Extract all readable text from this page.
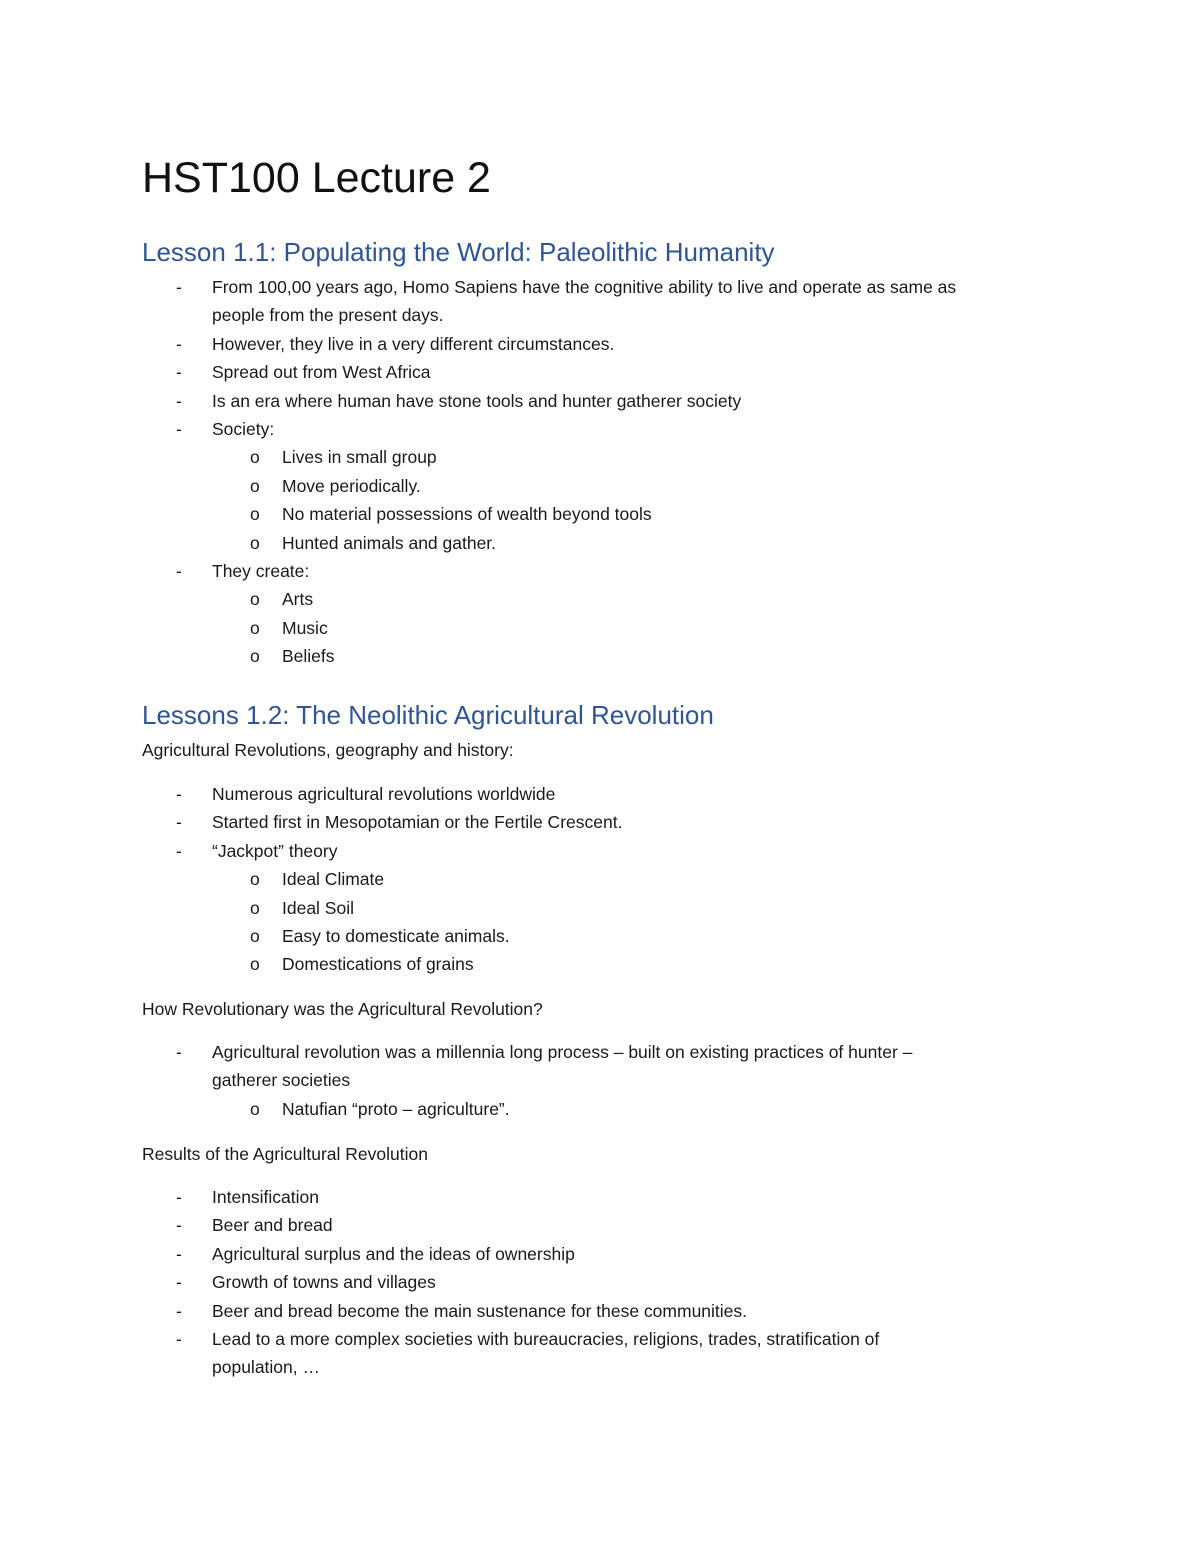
HST100 Lecture 2
Lesson 1.1: Populating the World: Paleolithic Humanity
- From 100,00 years ago, Homo Sapiens have the cognitive ability to live and operate as same as
people from the present days.
- However, they live in a very different circumstances.
- Spread out from West Africa
- Is an era where human have stone tools and hunter gatherer society
- Society:
o Lives in small group
o Move periodically.
o No material possessions of wealth beyond tools
o Hunted animals and gather.
- They create:
o Arts
o Music
o Beliefs
Lessons 1.2: The Neolithic Agricultural Revolution

Agricultural Revolutions, geography and history:

- Numerous agricultural revolutions worldwide
- Started first in Mesopotamian or the Fertile Crescent.
- “Jackpot” theory
o Ideal Climate
o Ideal Soil
o Easy to domesticate animals.
o Domestications of grains

How Revolutionary was the Agricultural Revolution?

- Agricultural revolution was a millennia long process – built on existing practices of hunter –
gatherer societies
o Natufian “proto – agriculture”.

Results of the Agricultural Revolution

- Intensification
- Beer and bread
- Agricultural surplus and the ideas of ownership
- Growth of towns and villages
- Beer and bread become the main sustenance for these communities.
- Lead to a more complex societies with bureaucracies, religions, trades, stratification of
population, …
